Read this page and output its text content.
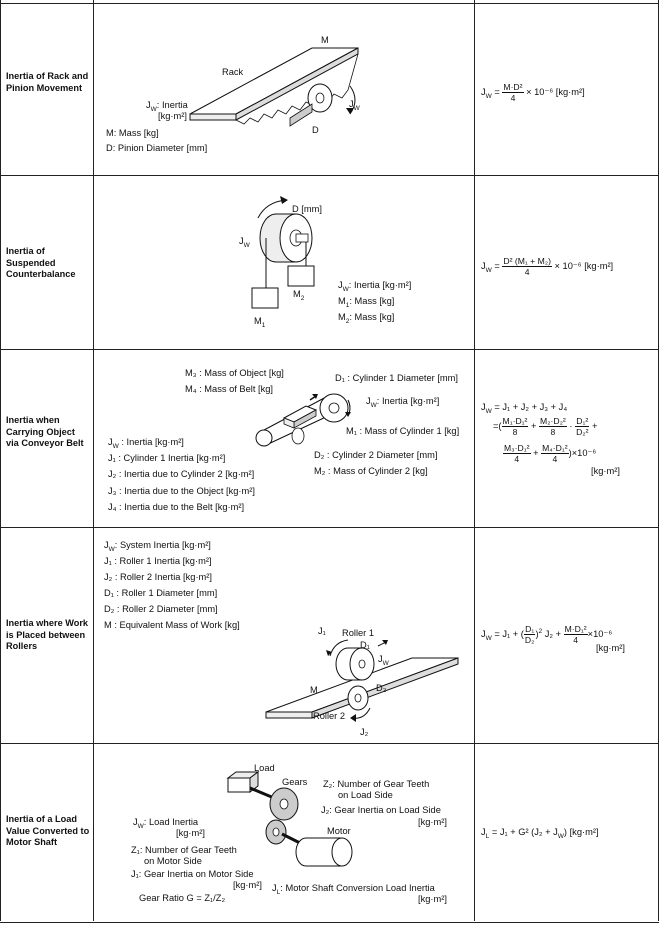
Inertia of Rack and Pinion Movement
M
Rack
$J_W$
D
$J_W$: Inertia
[kg·m²]
M: Mass [kg]
D: Pinion Diameter [mm]
$J_W = \frac{\text{M·D²}}{4} \times 10^{-6}$ [kg·m²]
Inertia of Suspended Counterbalance
D [mm]
$J_W$
$M_2$
$M_1$
$J_W$: Inertia [kg·m²]
$M_1$: Mass [kg]
$M_2$: Mass [kg]
$J_W = \frac{\text{D² (M₁ + M₂)}}{4} \times 10^{-6}$ [kg·m²]
Inertia when Carrying Object via Conveyor Belt
M₃ : Mass of Object [kg]
M₄ : Mass of Belt [kg]
D₁ : Cylinder 1 Diameter [mm]
$J_W$: Inertia [kg·m²]
M₁ : Mass of Cylinder 1 [kg]
D₂ : Cylinder 2 Diameter [mm]
M₂ : Mass of Cylinder 2 [kg]
$J_W$ : Inertia [kg·m²]
J₁ : Cylinder 1 Inertia [kg·m²]
J₂ : Inertia due to Cylinder 2 [kg·m²]
J₃ : Inertia due to the Object [kg·m²]
J₄ : Inertia due to the Belt [kg·m²]
$J_W = J_1 + J_2 + J_3 + J_4$
=( $\frac{\text{M₁·D₁²}}{8} + \frac{\text{M₂·D₂²}}{8} \cdot \frac{\text{D₁²}}{\text{D₂²}}$ +
$\frac{\text{M₃·D₁²}}{4} + \frac{\text{M₄·D₁²}}{4} )\times 10^{-6}$
[kg·m²]
Inertia where Work is Placed between Rollers
$J_W$: System Inertia [kg·m²]
J₁ : Roller 1 Inertia [kg·m²]
J₂ : Roller 2 Inertia [kg·m²]
D₁ : Roller 1 Diameter [mm]
D₂ : Roller 2 Diameter [mm]
M : Equivalent Mass of Work [kg]
J₁ Roller 1
D₁
$J_W$
M	D₂
Roller 2
J₂
$J_W = J_1$ + ( $\frac{\text{D₁}}{\text{D₂}} )^2$ $J_2 + \frac{\text{M·D₁²}}{4} \times 10^{-6}$
[kg·m²]
Inertia of a Load Value Converted to Motor Shaft
Load
Gears Z₂: Number of Gear Teeth
on Load Side
J₂: Gear Inertia on Load Side
[kg·m²]
Motor
$J_W$: Load Inertia
[kg·m²]
Z₁: Number of Gear Teeth
on Motor Side
J₁: Gear Inertia on Motor Side
[kg·m²] $J_L$: Motor Shaft Conversion Load Inertia
[kg·m²]
Gear Ratio G = Z₁/Z₂
$J_L = J_1 + G^2$ $(J_2 + J_W)$ [kg·m²]
